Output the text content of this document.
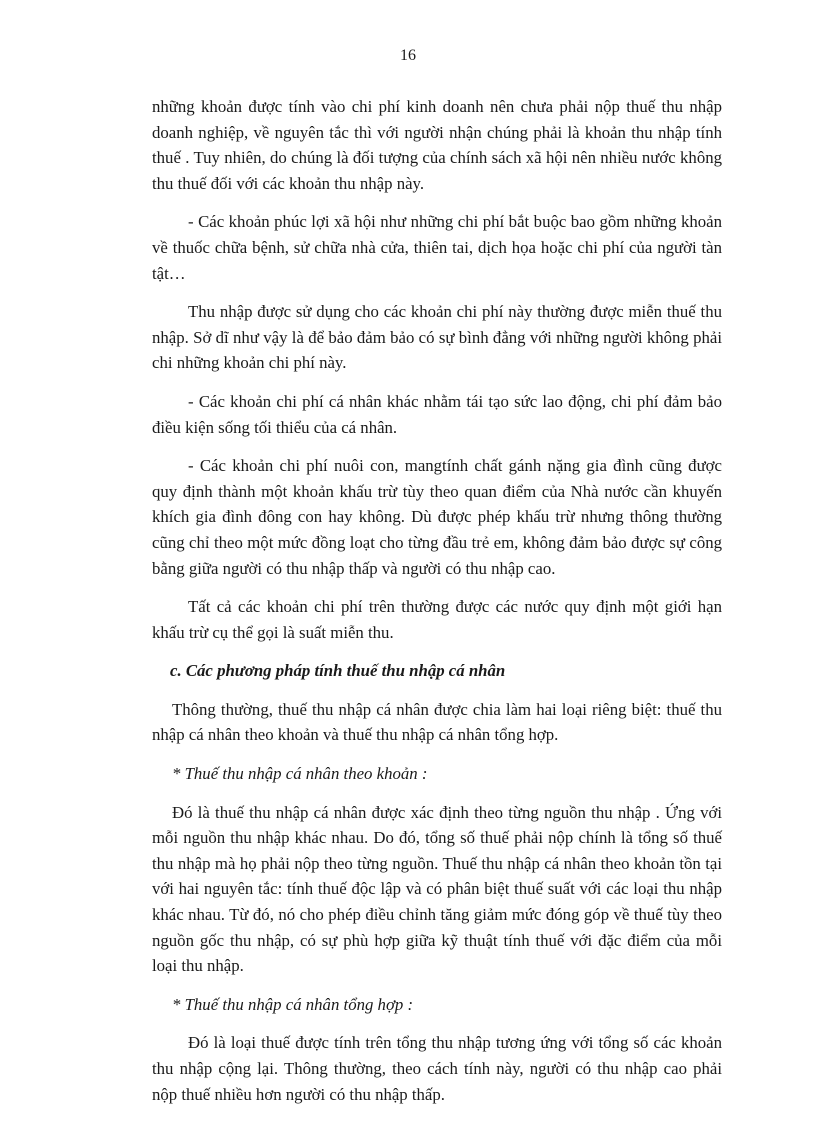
16

những khoản được tính vào chi phí kinh doanh nên chưa phải nộp thuế thu nhập doanh nghiệp, về nguyên tắc thì với người nhận chúng phải là khoản thu nhập tính thuế . Tuy nhiên, do chúng là đối tượng của chính sách xã hội nên nhiều nước không thu thuế đối với các khoản thu nhập này.

- Các khoản phúc lợi xã hội như những chi phí bắt buộc bao gồm những khoản về thuốc chữa bệnh, sử chữa nhà cửa, thiên tai, dịch họa hoặc chi phí của người tàn tật…

Thu nhập được sử dụng cho các khoản chi phí này thường được miễn thuế thu nhập. Sở dĩ như vậy là để bảo đảm bảo có sự bình đẳng với những người không phải chi những khoản chi phí này.

- Các khoản chi phí cá nhân khác nhằm tái tạo sức lao động, chi phí đảm bảo điều kiện sống tối thiểu của cá nhân.

- Các khoản chi phí nuôi con, mangtính chất gánh nặng gia đình cũng được quy định thành một khoản khấu trừ tùy theo quan điểm của Nhà nước cần khuyến khích gia đình đông con hay không. Dù được phép khấu trừ nhưng thông thường cũng chỉ theo một mức đồng loạt cho từng đầu trẻ em, không đảm bảo được sự công bằng giữa người có thu nhập thấp và người có thu nhập cao.

Tất cả các khoản chi phí trên thường được các nước quy định một giới hạn khấu trừ cụ thể gọi là suất miễn thu.

c. Các phương pháp tính thuế thu nhập cá nhân

Thông thường, thuế thu nhập cá nhân được chia làm hai loại riêng biệt: thuế thu nhập cá nhân theo khoản và thuế thu nhập cá nhân tổng hợp.

* Thuế thu nhập cá nhân theo khoản :

Đó là thuế thu nhập cá nhân được xác định theo từng nguồn thu nhập . Ứng với mỗi nguồn thu nhập khác nhau. Do đó, tổng số thuế phải nộp chính là tổng số thuế thu nhập mà họ phải nộp theo từng nguồn. Thuế thu nhập cá nhân theo khoản tồn tại với hai nguyên tắc: tính thuế độc lập và có phân biệt thuế suất với các loại thu nhập khác nhau. Từ đó, nó cho phép điều chỉnh tăng giảm mức đóng góp về thuế tùy theo nguồn gốc thu nhập, có sự phù hợp giữa kỹ thuật tính thuế với đặc điểm của mỗi loại thu nhập.

* Thuế thu nhập cá nhân tổng hợp :

Đó là loại thuế được tính trên tổng thu nhập tương ứng với tổng số các khoản thu nhập cộng lại. Thông thường, theo cách tính này, người có thu nhập cao phải nộp thuế nhiều hơn người có thu nhập thấp.
